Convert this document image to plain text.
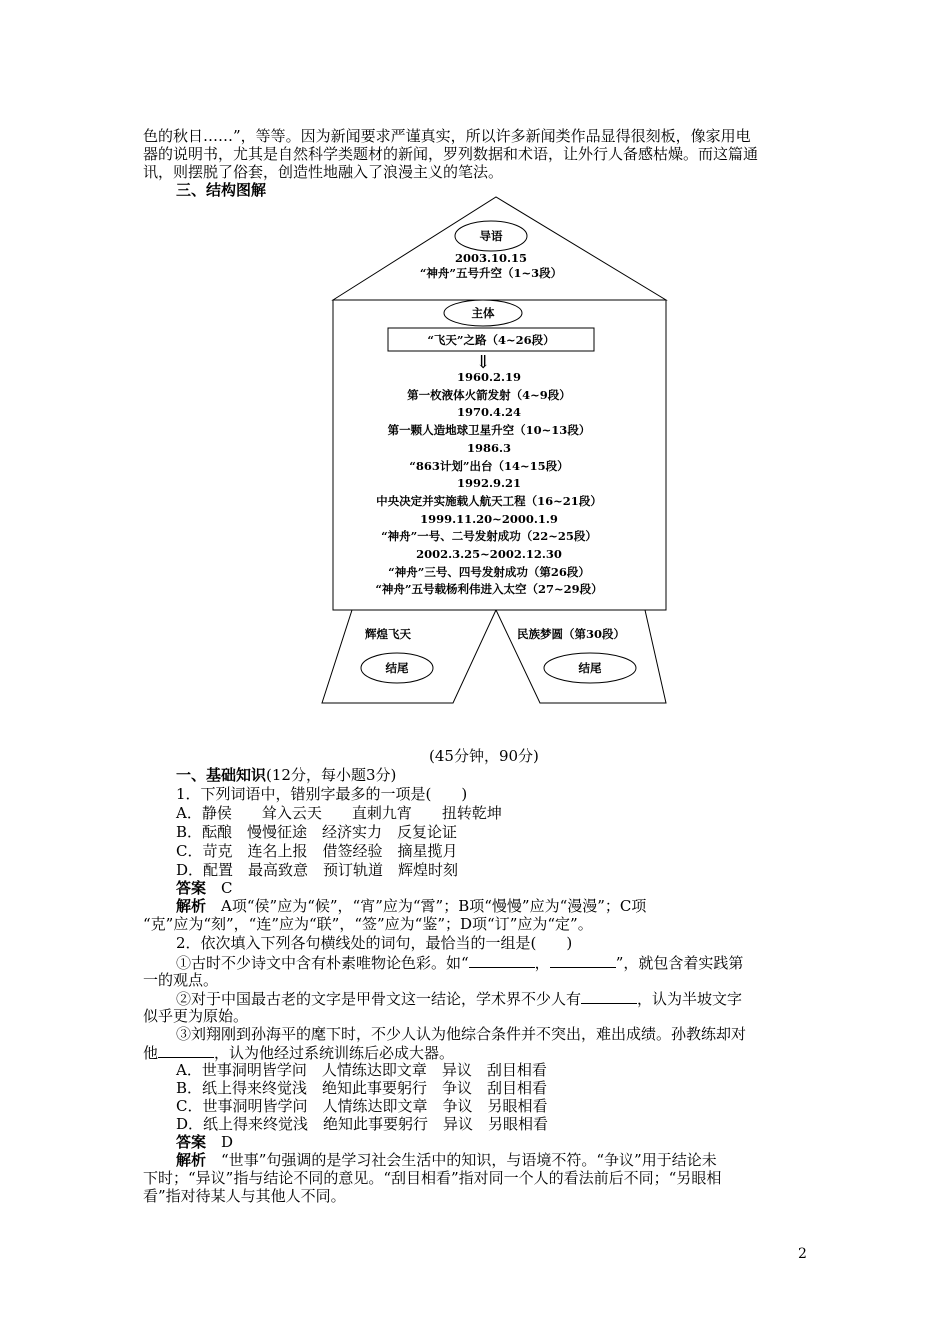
色的秋日……”，等等。因为新闻要求严谨真实，所以许多新闻类作品显得很刻板，像家用电
器的说明书，尤其是自然科学类题材的新闻，罗列数据和术语，让外行人备感枯燥。而这篇通
讯，则摆脱了俗套，创造性地融入了浪漫主义的笔法。
三、结构图解
导语
2003.10.15
“神舟”五号升空（1~3段）
主体
“飞天”之路（4~26段）
⇓
1960.2.19
第一枚液体火箭发射（4~9段）
1970.4.24
第一颗人造地球卫星升空（10~13段）
1986.3
“863计划”出台（14~15段）
1992.9.21
中央决定并实施载人航天工程（16~21段）
1999.11.20~2000.1.9
“神舟”一号、二号发射成功（22~25段）
2002.3.25~2002.12.30
“神舟”三号、四号发射成功（第26段）
“神舟”五号载杨利伟进入太空（27~29段）
辉煌飞天
结尾
民族梦圆（第30段）
结尾
(45分钟，90分)
一、基础知识(12分，每小题3分)
1．下列词语中，错别字最多的一项是(　　)
A．静侯　　耸入云天　　直刺九宵　　扭转乾坤
B．酝酿　慢慢征途　经济实力　反复论证
C．苛克　连名上报　借签经验　摘星揽月
D．配置　最高致意　预订轨道　辉煌时刻
答案　 C
解析　 A项“侯”应为“候”，“宵”应为“霄”；B项“慢慢”应为“漫漫”；C项
“克”应为“刻”，“连”应为“联”，“签”应为“鉴”；D项“订”应为“定”。
2．依次填入下列各句横线处的词句，最恰当的一组是(　　)
①古时不少诗文中含有朴素唯物论色彩。如“	，	”，就包含着实践第
一的观点。
②对于中国最古老的文字是甲骨文这一结论，学术界不少人有	，认为半坡文字
似乎更为原始。
③刘翔刚到孙海平的麾下时，不少人认为他综合条件并不突出，难出成绩。孙教练却对
他	，认为他经过系统训练后必成大器。
A．世事洞明皆学问　人情练达即文章　异议　刮目相看
B．纸上得来终觉浅　绝知此事要躬行　争议　刮目相看
C．世事洞明皆学问　人情练达即文章　争议　另眼相看
D．纸上得来终觉浅　绝知此事要躬行　异议　另眼相看
答案　 D
解析　 “世事”句强调的是学习社会生活中的知识，与语境不符。“争议”用于结论未
下时；“异议”指与结论不同的意见。“刮目相看”指对同一个人的看法前后不同；“另眼相
看”指对待某人与其他人不同。
2
